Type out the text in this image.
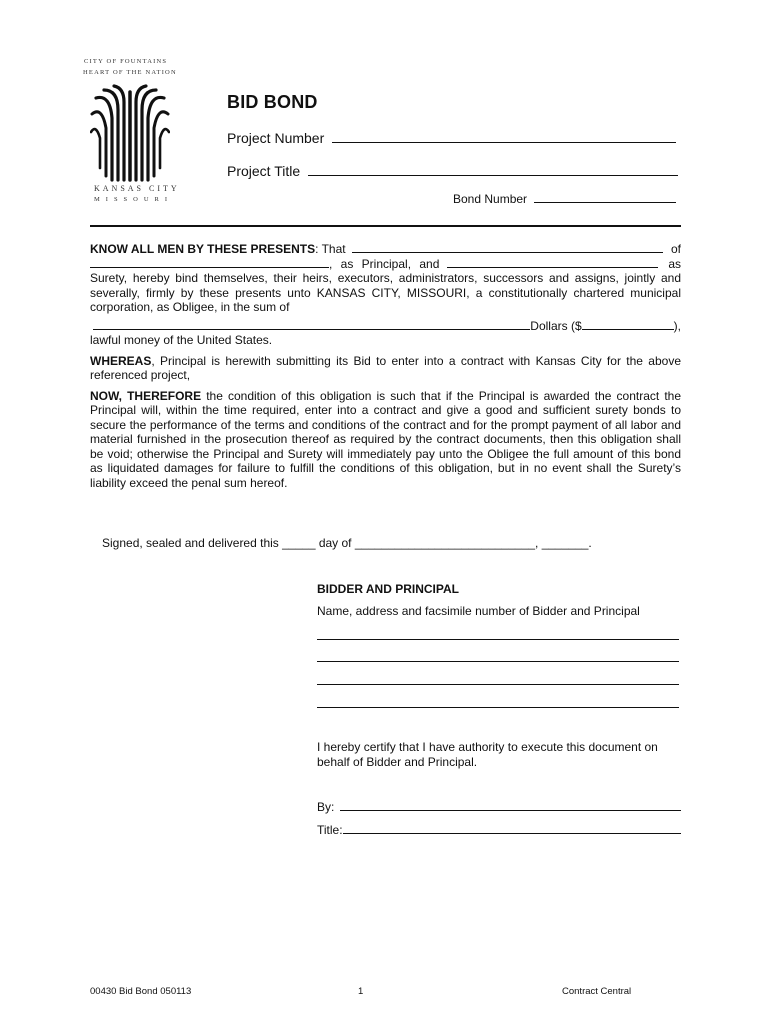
CITY OF FOUNTAINS
HEART OF THE NATION
KANSAS CITY
MISSOURI
BID BOND
Project Number
Project Title
Bond Number
KNOW ALL MEN BY THESE PRESENTS : That	of
, as Principal, and	as
Surety, hereby bind themselves, their heirs, executors, administrators, successors and assigns, jointly and severally, firmly by these presents unto KANSAS CITY, MISSOURI, a constitutionally chartered municipal corporation, as Obligee, in the sum of
Dollars ($	),
lawful money of the United States.
WHEREAS, Principal is herewith submitting its Bid to enter into a contract with Kansas City for the above referenced project,
NOW, THEREFORE the condition of this obligation is such that if the Principal is awarded the contract the Principal will, within the time required, enter into a contract and give a good and sufficient surety bonds to secure the performance of the terms and conditions of the contract and for the prompt payment of all labor and material furnished in the prosecution thereof as required by the contract documents, then this obligation shall be void; otherwise the Principal and Surety will immediately pay unto the Obligee the full amount of this bond as liquidated damages for failure to fulfill the conditions of this obligation, but in no event shall the Surety’s liability exceed the penal sum hereof.
Signed, sealed and delivered this _____ day of ___________________________, _______.
BIDDER AND PRINCIPAL
Name, address and facsimile number of Bidder and Principal
I hereby certify that I have authority to execute this document on behalf of Bidder and Principal.
By:
Title:
00430 Bid Bond 050113	1	Contract Central
